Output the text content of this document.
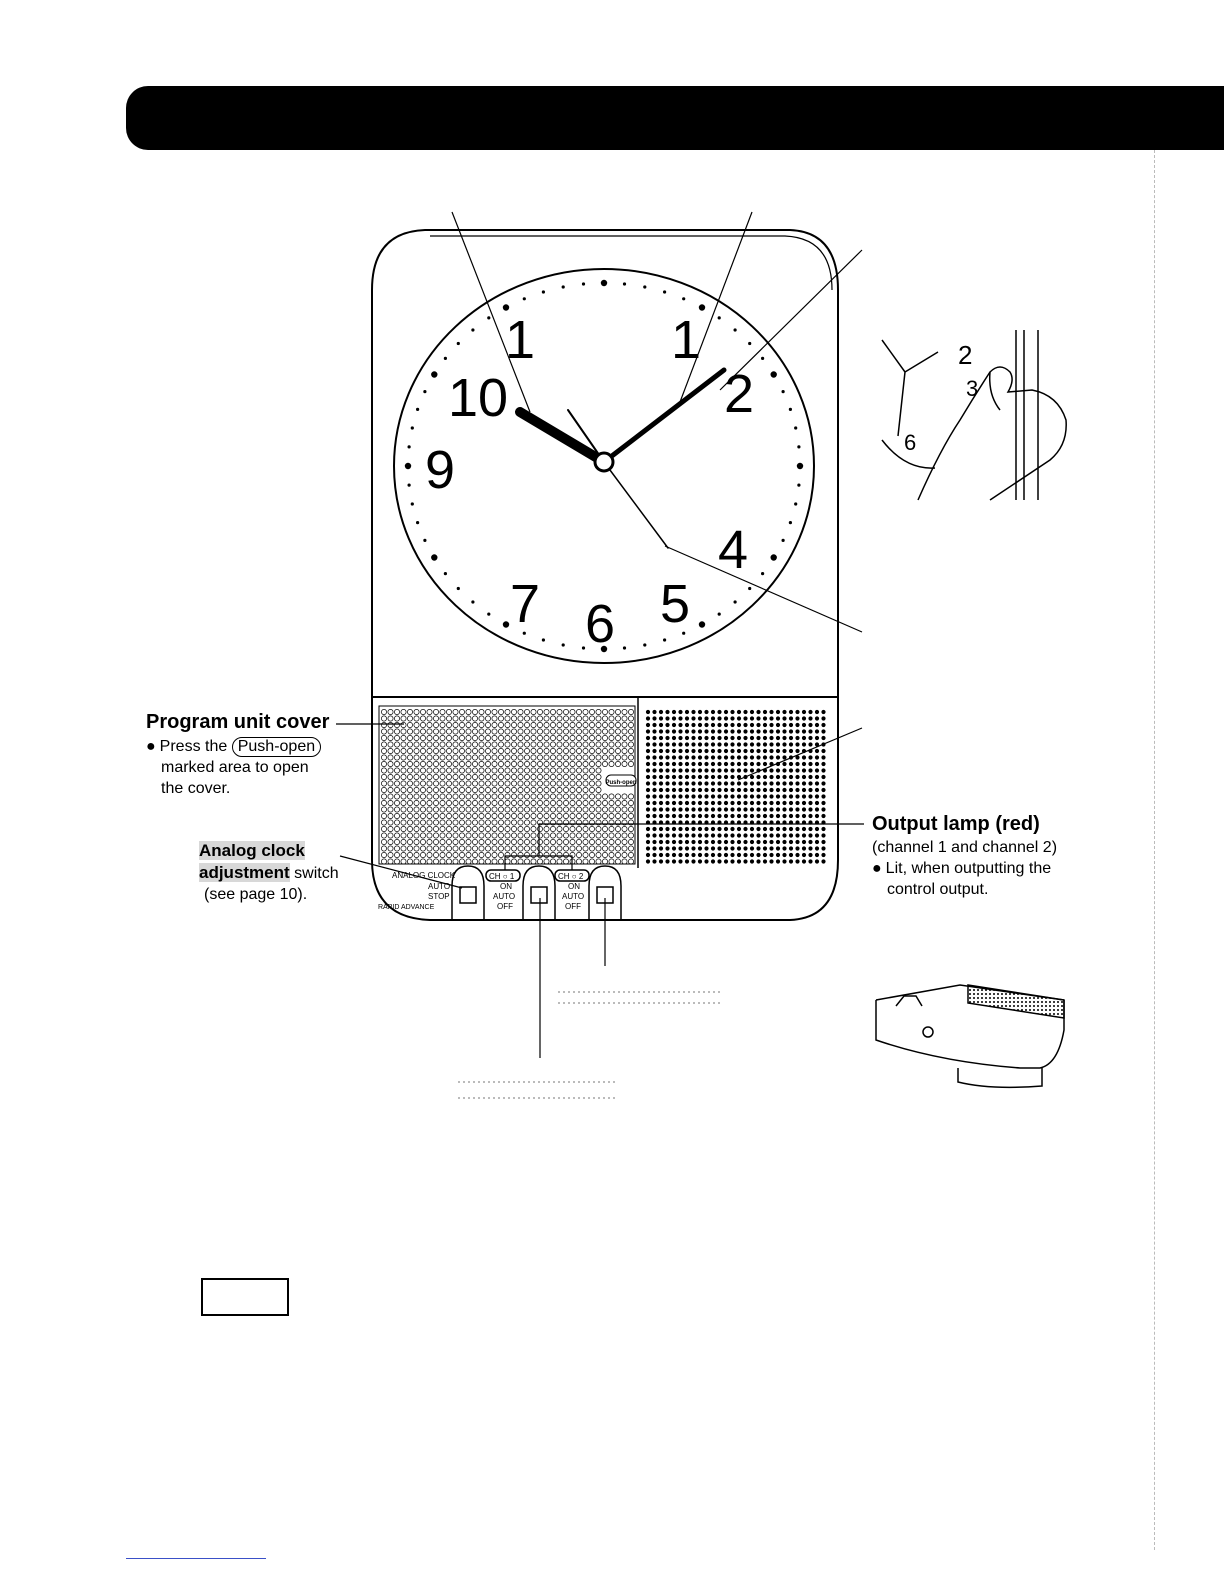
1	1
10	2
9
4
7 6 5
Push-open
ANALOG CLOCK
AUTO
STOP
RAPID ADVANCE
CH ○ 1	CH ○ 2
ON
AUTO
OFF
ON
AUTO
OFF
2
3
6
Program unit cover
● Press the Push-open
marked area to open
the cover.
Analog clock
adjustment switch
(see page 10).
Output lamp (red)
(channel 1 and channel 2)
● Lit, when outputting the
control output.
